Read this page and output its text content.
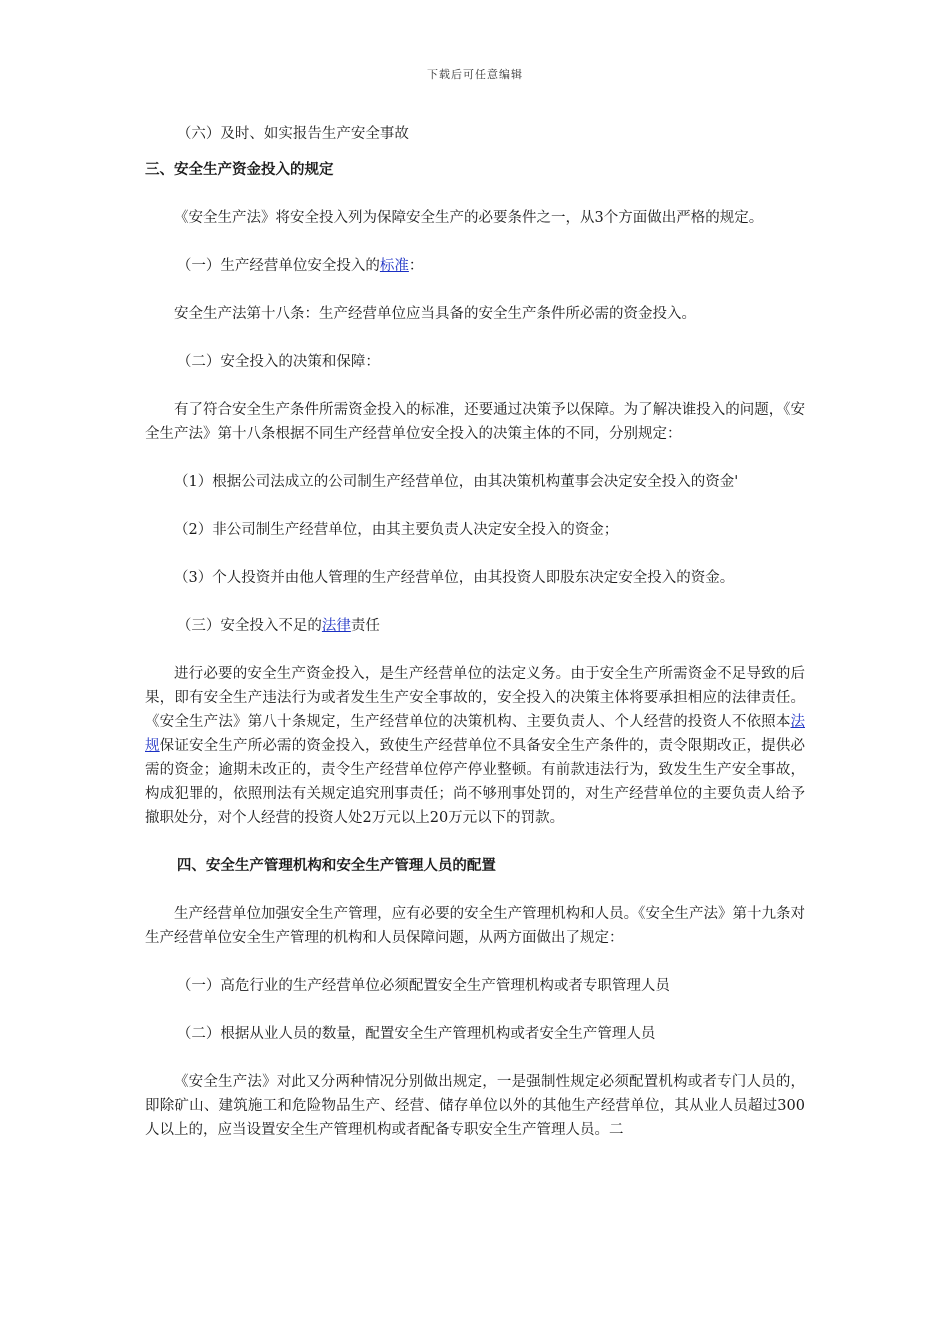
下载后可任意编辑

（六）及时、如实报告生产安全事故

三、安全生产资金投入的规定

《安全生产法》将安全投入列为保障安全生产的必要条件之一，从3个方面做出严格的规定。

（一）生产经营单位安全投入的标准：

安全生产法第十八条：生产经营单位应当具备的安全生产条件所必需的资金投入。

（二）安全投入的决策和保障：

有了符合安全生产条件所需资金投入的标准，还要通过决策予以保障。为了解决谁投入的问题，《安全生产法》第十八条根据不同生产经营单位安全投入的决策主体的不同，分别规定：

（1）根据公司法成立的公司制生产经营单位，由其决策机构董事会决定安全投入的资金'

（2）非公司制生产经营单位，由其主要负责人决定安全投入的资金；

（3）个人投资并由他人管理的生产经营单位，由其投资人即股东决定安全投入的资金。

（三）安全投入不足的法律责任

进行必要的安全生产资金投入，是生产经营单位的法定义务。由于安全生产所需资金不足导致的后果，即有安全生产违法行为或者发生生产安全事故的，安全投入的决策主体将要承担相应的法律责任。《安全生产法》第八十条规定，生产经营单位的决策机构、主要负责人、个人经营的投资人不依照本法规保证安全生产所必需的资金投入，致使生产经营单位不具备安全生产条件的，责令限期改正，提供必需的资金；逾期未改正的，责令生产经营单位停产停业整顿。有前款违法行为，致发生生产安全事故，构成犯罪的，依照刑法有关规定追究刑事责任；尚不够刑事处罚的，对生产经营单位的主要负责人给予撤职处分，对个人经营的投资人处2万元以上20万元以下的罚款。

四、安全生产管理机构和安全生产管理人员的配置

生产经营单位加强安全生产管理，应有必要的安全生产管理机构和人员。《安全生产法》第十九条对生产经营单位安全生产管理的机构和人员保障问题，从两方面做出了规定：

（一）高危行业的生产经营单位必须配置安全生产管理机构或者专职管理人员

（二）根据从业人员的数量，配置安全生产管理机构或者安全生产管理人员

《安全生产法》对此又分两种情况分别做出规定，一是强制性规定必须配置机构或者专门人员的，即除矿山、建筑施工和危险物品生产、经营、储存单位以外的其他生产经营单位，其从业人员超过300人以上的，应当设置安全生产管理机构或者配备专职安全生产管理人员。二
